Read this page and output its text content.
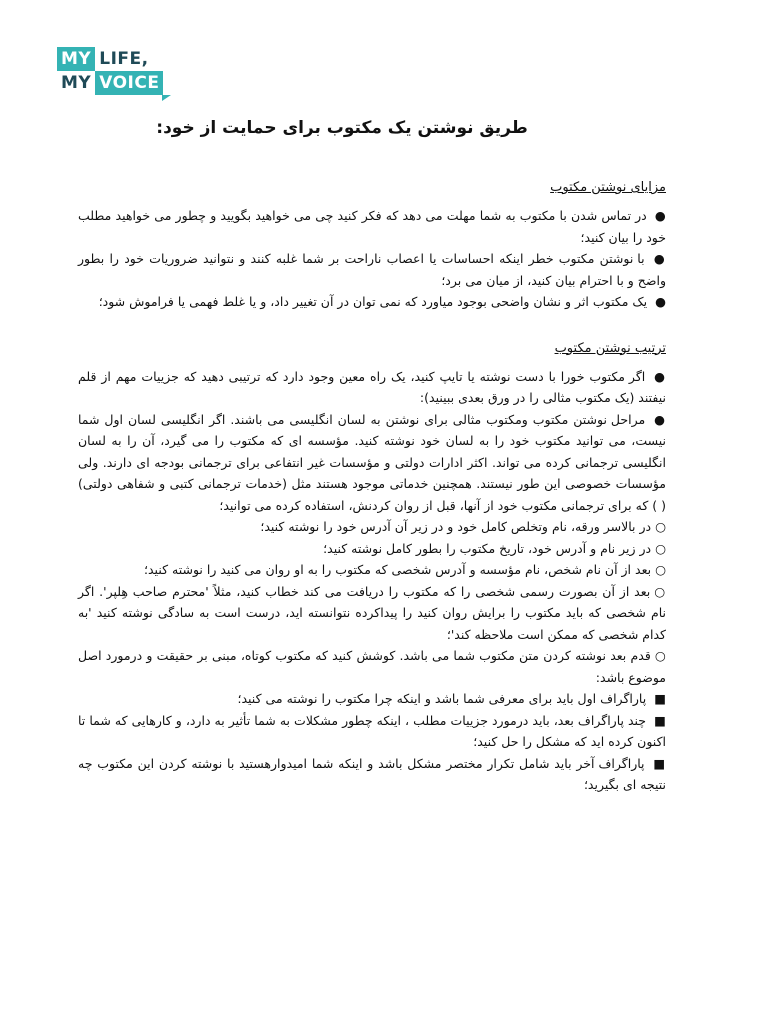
MY LIFE,
MY VOICE
طریق نوشتن یک مکتوب برای حمایت از خود:
مزایای نوشتن مکتوب

● در تماس شدن با مکتوب به شما مهلت می دهد که فکر کنید چی می خواهید بگویید و چطور می خواهید مطلب خود را بیان کنید؛

● با نوشتن مکتوب خطر اینکه احساسات یا اعصاب ناراحت بر شما غلبه کنند و نتوانید ضروریات خود را بطور واضح و با احترام بیان کنید، از میان می برد؛

● یک مکتوب اثر و نشان واضحی بوجود میاورد که نمی توان در آن تغییر داد، و یا غلط فهمی یا فراموش شود؛

ترتیب نوشتن مکتوب

● اگر مکتوب خورا با دست نوشته یا تایپ کنید، یک راه معین وجود دارد که ترتیبی دهید که جزییات مهم از قلم نیفتند (یک مکتوب مثالی را در ورق بعدی ببینید):

● مراحل نوشتن مکتوب ومکتوب مثالی برای نوشتن به لسان انگلیسی می باشند. اگر انگلیسی لسان اول شما نیست، می توانید مکتوب خود را به لسان خود نوشته کنید. مؤسسه ای که مکتوب را می گیرد، آن را به لسان انگلیسی ترجمانی کرده می تواند. اکثر ادارات دولتی و مؤسسات غیر انتفاعی برای ترجمانی بودجه ای دارند. ولی مؤسسات خصوصی این طور نیستند. همچنین خدماتی موجود هستند مثل (خدمات ترجمانی کتبی و شفاهی دولتی) ( ) که برای ترجمانی مکتوب خود از آنها، قبل از روان کردنش، استفاده کرده می توانید؛

○در بالاسر ورقه، نام وتخلص کامل خود و در زیر آن آدرس خود را نوشته کنید؛

○در زیر نام و آدرس خود، تاریخ مکتوب را بطور کامل نوشته کنید؛

○بعد از آن نام شخص، نام مؤسسه و آدرس شخصی که مکتوب را به او روان می کنید را نوشته کنید؛

○بعد از آن بصورت رسمی شخصی را که مکتوب را دریافت می کند خطاب کنید، مثلاً 'محترم صاحب هِلپر'. اگر نام شخصی که باید مکتوب را برایش روان کنید را پیداکرده نتوانسته اید، درست است به سادگی نوشته کنید 'به کدام شخصی که ممکن است ملاحظه کند'؛

○قدم بعد نوشته کردن متن مکتوب شما می باشد. کوشش کنید که مکتوب کوتاه، مبنی بر حقیقت و درمورد اصل موضوع باشد:

■ پاراگراف اول باید برای معرفی شما باشد و اینکه چرا مکتوب را نوشته می کنید؛

■ چند پاراگراف بعد، باید درمورد جزییات مطلب ، اینکه چطور مشکلات به شما تأثیر به دارد، و کارهایی که شما تا اکنون کرده اید که مشکل را حل کنید؛

■ پاراگراف آخر باید شامل تکرار مختصر مشکل باشد و اینکه شما امیدوارهستید با نوشته کردن این مکتوب چه نتیجه ای بگیرید؛
